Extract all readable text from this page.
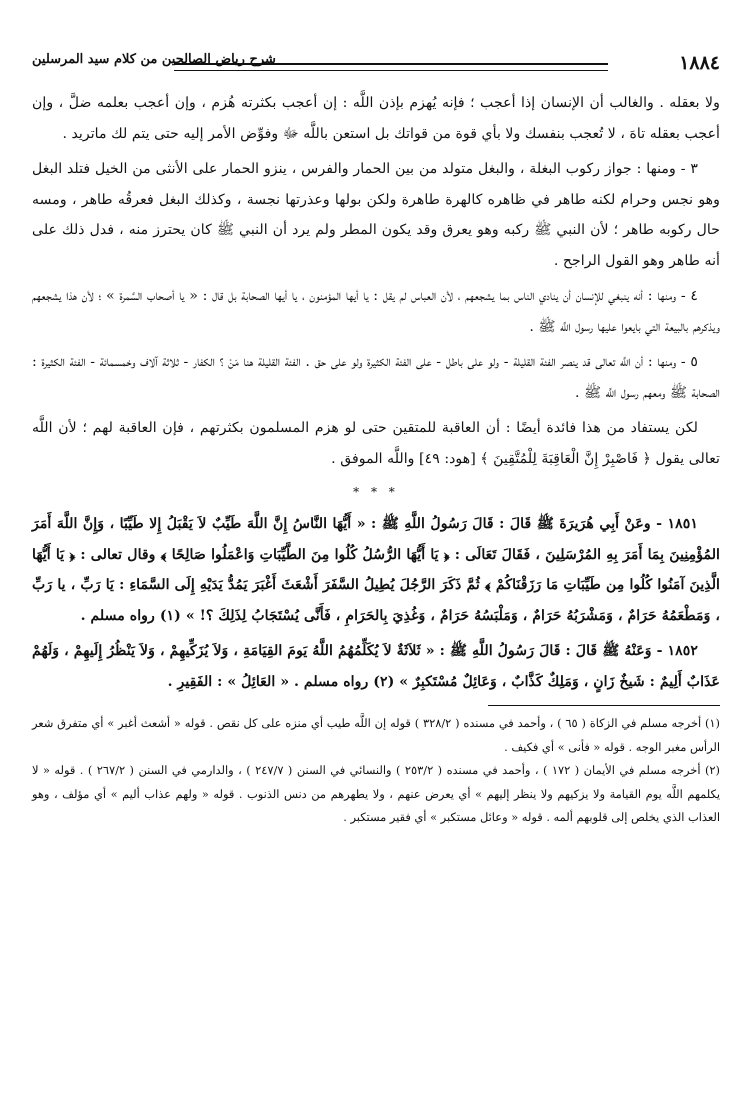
١٨٨٤
شرح رياض الصالحين من كلام سيد المرسلين

ولا بعقله . والغالب أن الإنسان إذا أعجب ؛ فإنه يُهزم بإذن اللَّه : إن أعجب بكثرته هُزم ، وإن أعجب بعلمه ضلَّ ، وإن أعجب بعقله تاهَ ، لا تُعجب بنفسك ولا بأي قوة من قواتك بل استعن باللَّه ﷻ وفوِّض الأمر إليه حتى يتم لك ماتريد .

٣ - ومنها : جواز ركوب البغلة ، والبغل متولد من بين الحمار والفرس ، ينزو الحمار على الأنثى من الخيل فتلد البغل وهو نجس وحرام لكنه طاهر في ظاهره كالهرة طاهرة ولكن بولها وعذرتها نجسة ، وكذلك البغل فعرقُه طاهر ، ومسه حال ركوبه طاهر ؛ لأن النبي ﷺ ركبه وهو يعرق وقد يكون المطر ولم يرد أن النبي ﷺ كان يحترز منه ، فدل ذلك على أنه طاهر وهو القول الراجح .

٤ - ومنها : أنه ينبغي للإنسان أن ينادي الناس بما يشجعهم ، لأن العباس لم يقل : يا أيها المؤمنون ، يا أيها الصحابة بل قال : « يا أصحاب السَّمرة » ؛ لأن هذا يشجعهم ويذكرهم بالبيعة التي بايعوا عليها رسول اللَّه ﷺ .

٥ - ومنها : أن اللَّه تعالى قد ينصر الفئة القليلة - ولو على باطل - على الفئة الكثيرة ولو على حق . الفئة القليلة هنا مَنْ ؟ الكفار - ثلاثة آلاف وخمسمائة - الفئة الكثيرة : الصحابة ﷺ ومعهم رسول اللَّه ﷺ .

لكن يستفاد من هذا فائدة أيضًا : أن العاقبة للمتقين حتى لو هزم المسلمون بكثرتهم ، فإن العاقبة لهم ؛ لأن اللَّه تعالى يقول ﴿ فَاصْبِرْ إِنَّ الْعَاقِبَةَ لِلْمُتَّقِينَ ﴾ [هود: ٤٩] واللَّه الموفق .

* * *

١٨٥١ - وعَنْ أَبِي هُرَيرَةَ ﷺ قَالَ : قَالَ رَسُولُ اللَّهِ ﷺ : « أَيُّهَا النَّاسُ إِنَّ اللَّهَ طَيِّبٌ لاَ يَقْبَلُ إِلا طَيِّبًا ، وَإِنَّ اللَّهَ أَمَرَ المُؤْمِنِينَ بِمَا أَمَرَ بِهِ المُرْسَلِينَ ، فَقَالَ تَعَالَى : ﴿ يَا أَيُّهَا الرُّسُلُ كُلُوا مِنَ الطَّيِّبَاتِ وَاعْمَلُوا صَالِحًا ﴾ وقال تعالى : ﴿ يَا أَيُّهَا الَّذِينَ آمَنُوا كُلُوا مِن طَيِّبَاتِ مَا رَزَقْنَاكُمْ ﴾ ثُمَّ ذَكَرَ الرَّجُلَ يُطِيلُ السَّفَرَ أَشْعَثَ أَغْبَرَ يَمُدُّ يَدَيْهِ إِلَى السَّمَاءِ : يَا رَبِّ ، يا رَبِّ ، وَمَطْعَمُهُ حَرَامٌ ، وَمَشْرَبُهُ حَرَامٌ ، وَمَلْبَسُهُ حَرَامٌ ، وَغُذِيَ بِالحَرَامِ ، فَأَنَّى يُسْتَجَابُ لِذَلِكَ ؟! » (١) رواه مسلم .

١٨٥٢ - وَعَنْهُ ﷺ قَالَ : قَالَ رَسُولُ اللَّهِ ﷺ : « ثَلاَثَةٌ لاَ يُكَلِّمُهُمُ اللَّهُ يَومَ القِيَامَةِ ، وَلاَ يُزَكِّيهِمْ ، وَلاَ يَنْظُرُ إِلَيهِمْ ، وَلَهُمْ عَذَابٌ أَلِيمٌ : شَيخٌ زَانٍ ، وَمَلِكٌ كَذَّابٌ ، وَعَائِلٌ مُسْتَكبِرٌ » (٢) رواه مسلم . « العَائِلُ » : الفَقِيرِ .

(١) أخرجه مسلم في الزكاة ( ٦٥ ) ، وأحمد في مسنده ( ٣٢٨/٢ ) قوله إن اللَّه طيب أي منزه على كل نقص . قوله « أشعث أغبر » أي متفرق شعر الرأس مغبر الوجه . قوله « فأنى » أي فكيف .

(٢) أخرجه مسلم في الأيمان ( ١٧٢ ) ، وأحمد في مسنده ( ٢٥٣/٢ ) والنسائي في السنن ( ٢٤٧/٧ ) ، والدارمي في السنن ( ٢٦٧/٢ ) . قوله « لا يكلمهم اللَّه يوم القيامة ولا يزكيهم ولا ينظر إليهم » أي يعرض عنهم ، ولا يطهرهم من دنس الذنوب . قوله « ولهم عذاب أليم » أي مؤلف ، وهو العذاب الذي يخلص إلى قلوبهم ألمه . قوله « وعائل مستكبر » أي فقير مستكبر .
